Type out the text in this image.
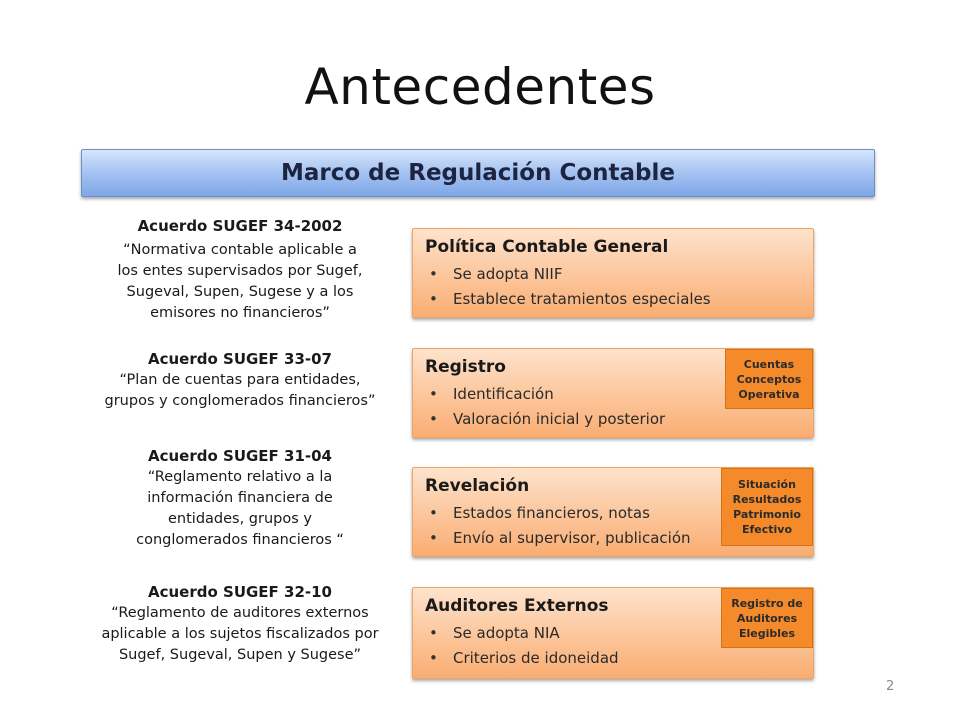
Antecedentes
Marco de Regulación Contable
Acuerdo SUGEF 34-2002
“Normativa contable aplicable a
los entes supervisados por Sugef,
Sugeval, Supen, Sugese y a los
emisores no financieros”
Acuerdo SUGEF 33-07
“Plan de cuentas para entidades,
grupos y conglomerados financieros”
Acuerdo SUGEF 31-04
“Reglamento relativo a la
información financiera de
entidades, grupos y
conglomerados financieros “
Acuerdo SUGEF 32-10
“Reglamento de auditores externos
aplicable a los sujetos fiscalizados por
Sugef, Sugeval, Supen y Sugese”
Política Contable General
• Se adopta NIIF
• Establece tratamientos especiales
Registro
• Identificación
• Valoración inicial y posterior
Cuentas
Conceptos
Operativa
Revelación
• Estados financieros, notas
• Envío al supervisor, publicación
Situación
Resultados
Patrimonio
Efectivo
Auditores Externos
• Se adopta NIA
• Criterios de idoneidad
Registro de
Auditores
Elegibles
2
